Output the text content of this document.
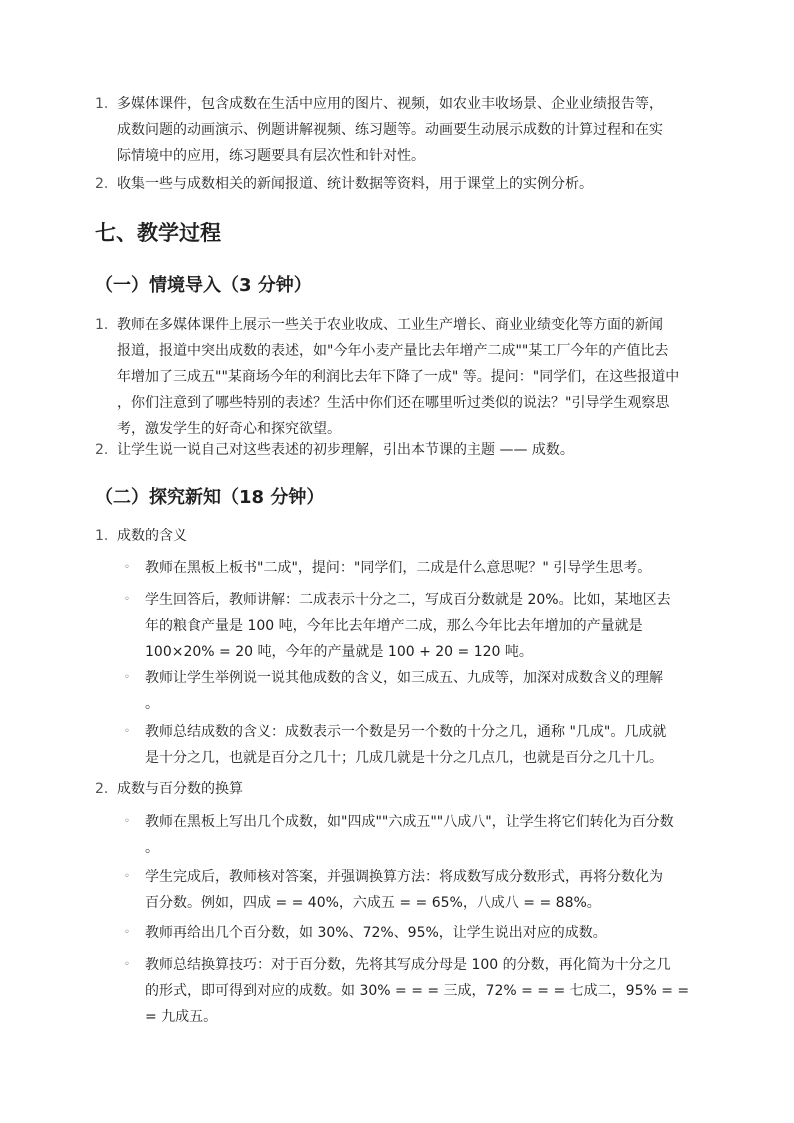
1. 多媒体课件，包含成数在生活中应用的图片、视频，如农业丰收场景、企业业绩报告等，
成数问题的动画演示、例题讲解视频、练习题等。动画要生动展示成数的计算过程和在实
际情境中的应用，练习题要具有层次性和针对性。
2. 收集一些与成数相关的新闻报道、统计数据等资料，用于课堂上的实例分析。
七、教学过程
（一）情境导入（3 分钟）
1. 教师在多媒体课件上展示一些关于农业收成、工业生产增长、商业业绩变化等方面的新闻
报道，报道中突出成数的表述，如"今年小麦产量比去年增产二成""某工厂今年的产值比去
年增加了三成五""某商场今年的利润比去年下降了一成" 等。提问："同学们，在这些报道中
，你们注意到了哪些特别的表述？生活中你们还在哪里听过类似的说法？"引导学生观察思
考，激发学生的好奇心和探究欲望。
2. 让学生说一说自己对这些表述的初步理解，引出本节课的主题 —— 成数。
（二）探究新知（18 分钟）
1. 成数的含义
◦ 教师在黑板上板书"二成"，提问："同学们，二成是什么意思呢？" 引导学生思考。
◦ 学生回答后，教师讲解：二成表示十分之二，写成百分数就是 20%。比如，某地区去
年的粮食产量是 100 吨，今年比去年增产二成，那么今年比去年增加的产量就是
100×20% = 20 吨，今年的产量就是 100 + 20 = 120 吨。
◦ 教师让学生举例说一说其他成数的含义，如三成五、九成等，加深对成数含义的理解
。
◦ 教师总结成数的含义：成数表示一个数是另一个数的十分之几，通称 "几成"。几成就
是十分之几，也就是百分之几十；几成几就是十分之几点几，也就是百分之几十几。
2. 成数与百分数的换算
◦ 教师在黑板上写出几个成数，如"四成""六成五""八成八"，让学生将它们转化为百分数
。
◦ 学生完成后，教师核对答案，并强调换算方法：将成数写成分数形式，再将分数化为
百分数。例如，四成 = = 40%，六成五 = = 65%，八成八 = = 88%。
◦ 教师再给出几个百分数，如 30%、72%、95%，让学生说出对应的成数。
◦ 教师总结换算技巧：对于百分数，先将其写成分母是 100 的分数，再化简为十分之几
的形式，即可得到对应的成数。如 30% = = = 三成，72% = = = 七成二，95% = =
= 九成五。
